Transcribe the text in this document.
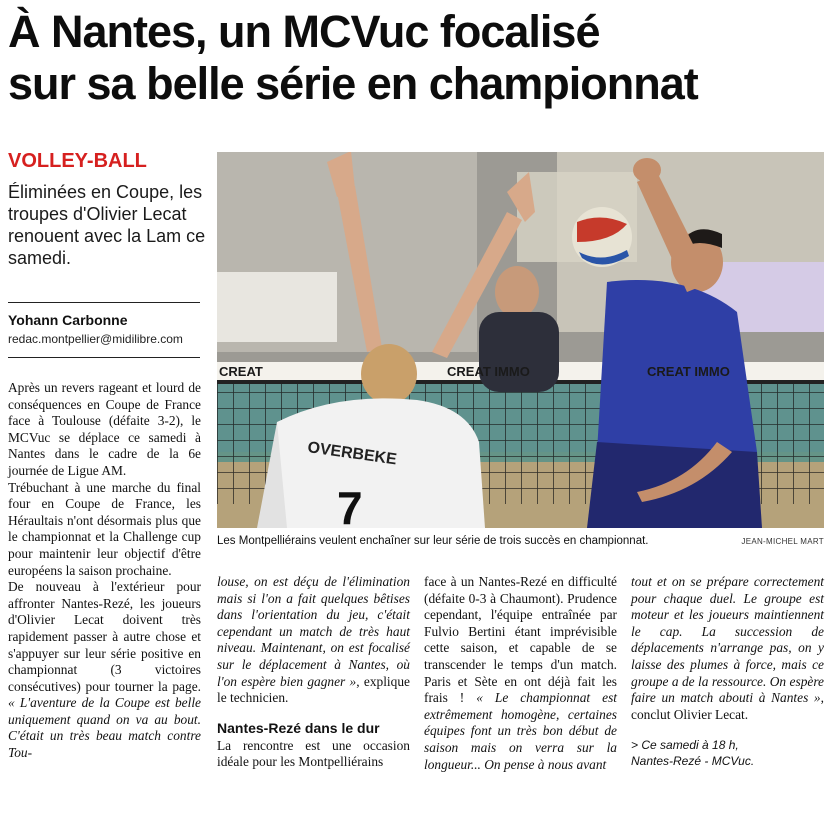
À Nantes, un MCVuc focalisé
sur sa belle série en championnat
VOLLEY-BALL

Éliminées en Coupe, les troupes d'Olivier Lecat renouent avec la Lam ce samedi.

Yohann Carbonne
redac.montpellier@midilibre.com

Après un revers rageant et lourd de conséquences en Coupe de France face à Toulouse (défaite 3-2), le MCVuc se déplace ce samedi à Nantes dans le cadre de la 6e journée de Ligue AM.

Trébuchant à une marche du final four en Coupe de France, les Héraultais n'ont désormais plus que le championnat et la Challenge cup pour maintenir leur objectif d'être européens la saison prochaine.

De nouveau à l'extérieur pour affronter Nantes-Rezé, les joueurs d'Olivier Lecat doivent très rapidement passer à autre chose et s'appuyer sur leur série positive en championnat (3 victoires consécutives) pour tourner la page. « L'aventure de la Coupe est belle uniquement quand on va au bout. C'était un très beau match contre Tou-

OVERBEKE
7
CREAT	CREAT IMMO	CREAT IMMO

Les Montpelliérains veulent enchaîner sur leur série de trois succès en championnat.	JEAN-MICHEL MART

louse, on est déçu de l'élimination mais si l'on a fait quelques bêtises dans l'orientation du jeu, c'était cependant un match de très haut niveau. Maintenant, on est focalisé sur le déplacement à Nantes, où l'on espère bien gagner », explique le technicien.

Nantes-Rezé dans le dur

La rencontre est une occasion idéale pour les Montpelliérains

face à un Nantes-Rezé en difficulté (défaite 0-3 à Chaumont). Prudence cependant, l'équipe entraînée par Fulvio Bertini étant imprévisible cette saison, et capable de se transcender le temps d'un match. Paris et Sète en ont déjà fait les frais ! « Le championnat est extrêmement homogène, certaines équipes font un très bon début de saison mais on verra sur la longueur... On pense à nous avant

tout et on se prépare correctement pour chaque duel. Le groupe est moteur et les joueurs maintiennent le cap. La succession de déplacements n'arrange pas, on y laisse des plumes à force, mais ce groupe a de la ressource. On espère faire un match abouti à Nantes », conclut Olivier Lecat.

> Ce samedi à 18 h,
Nantes-Rezé - MCVuc.
